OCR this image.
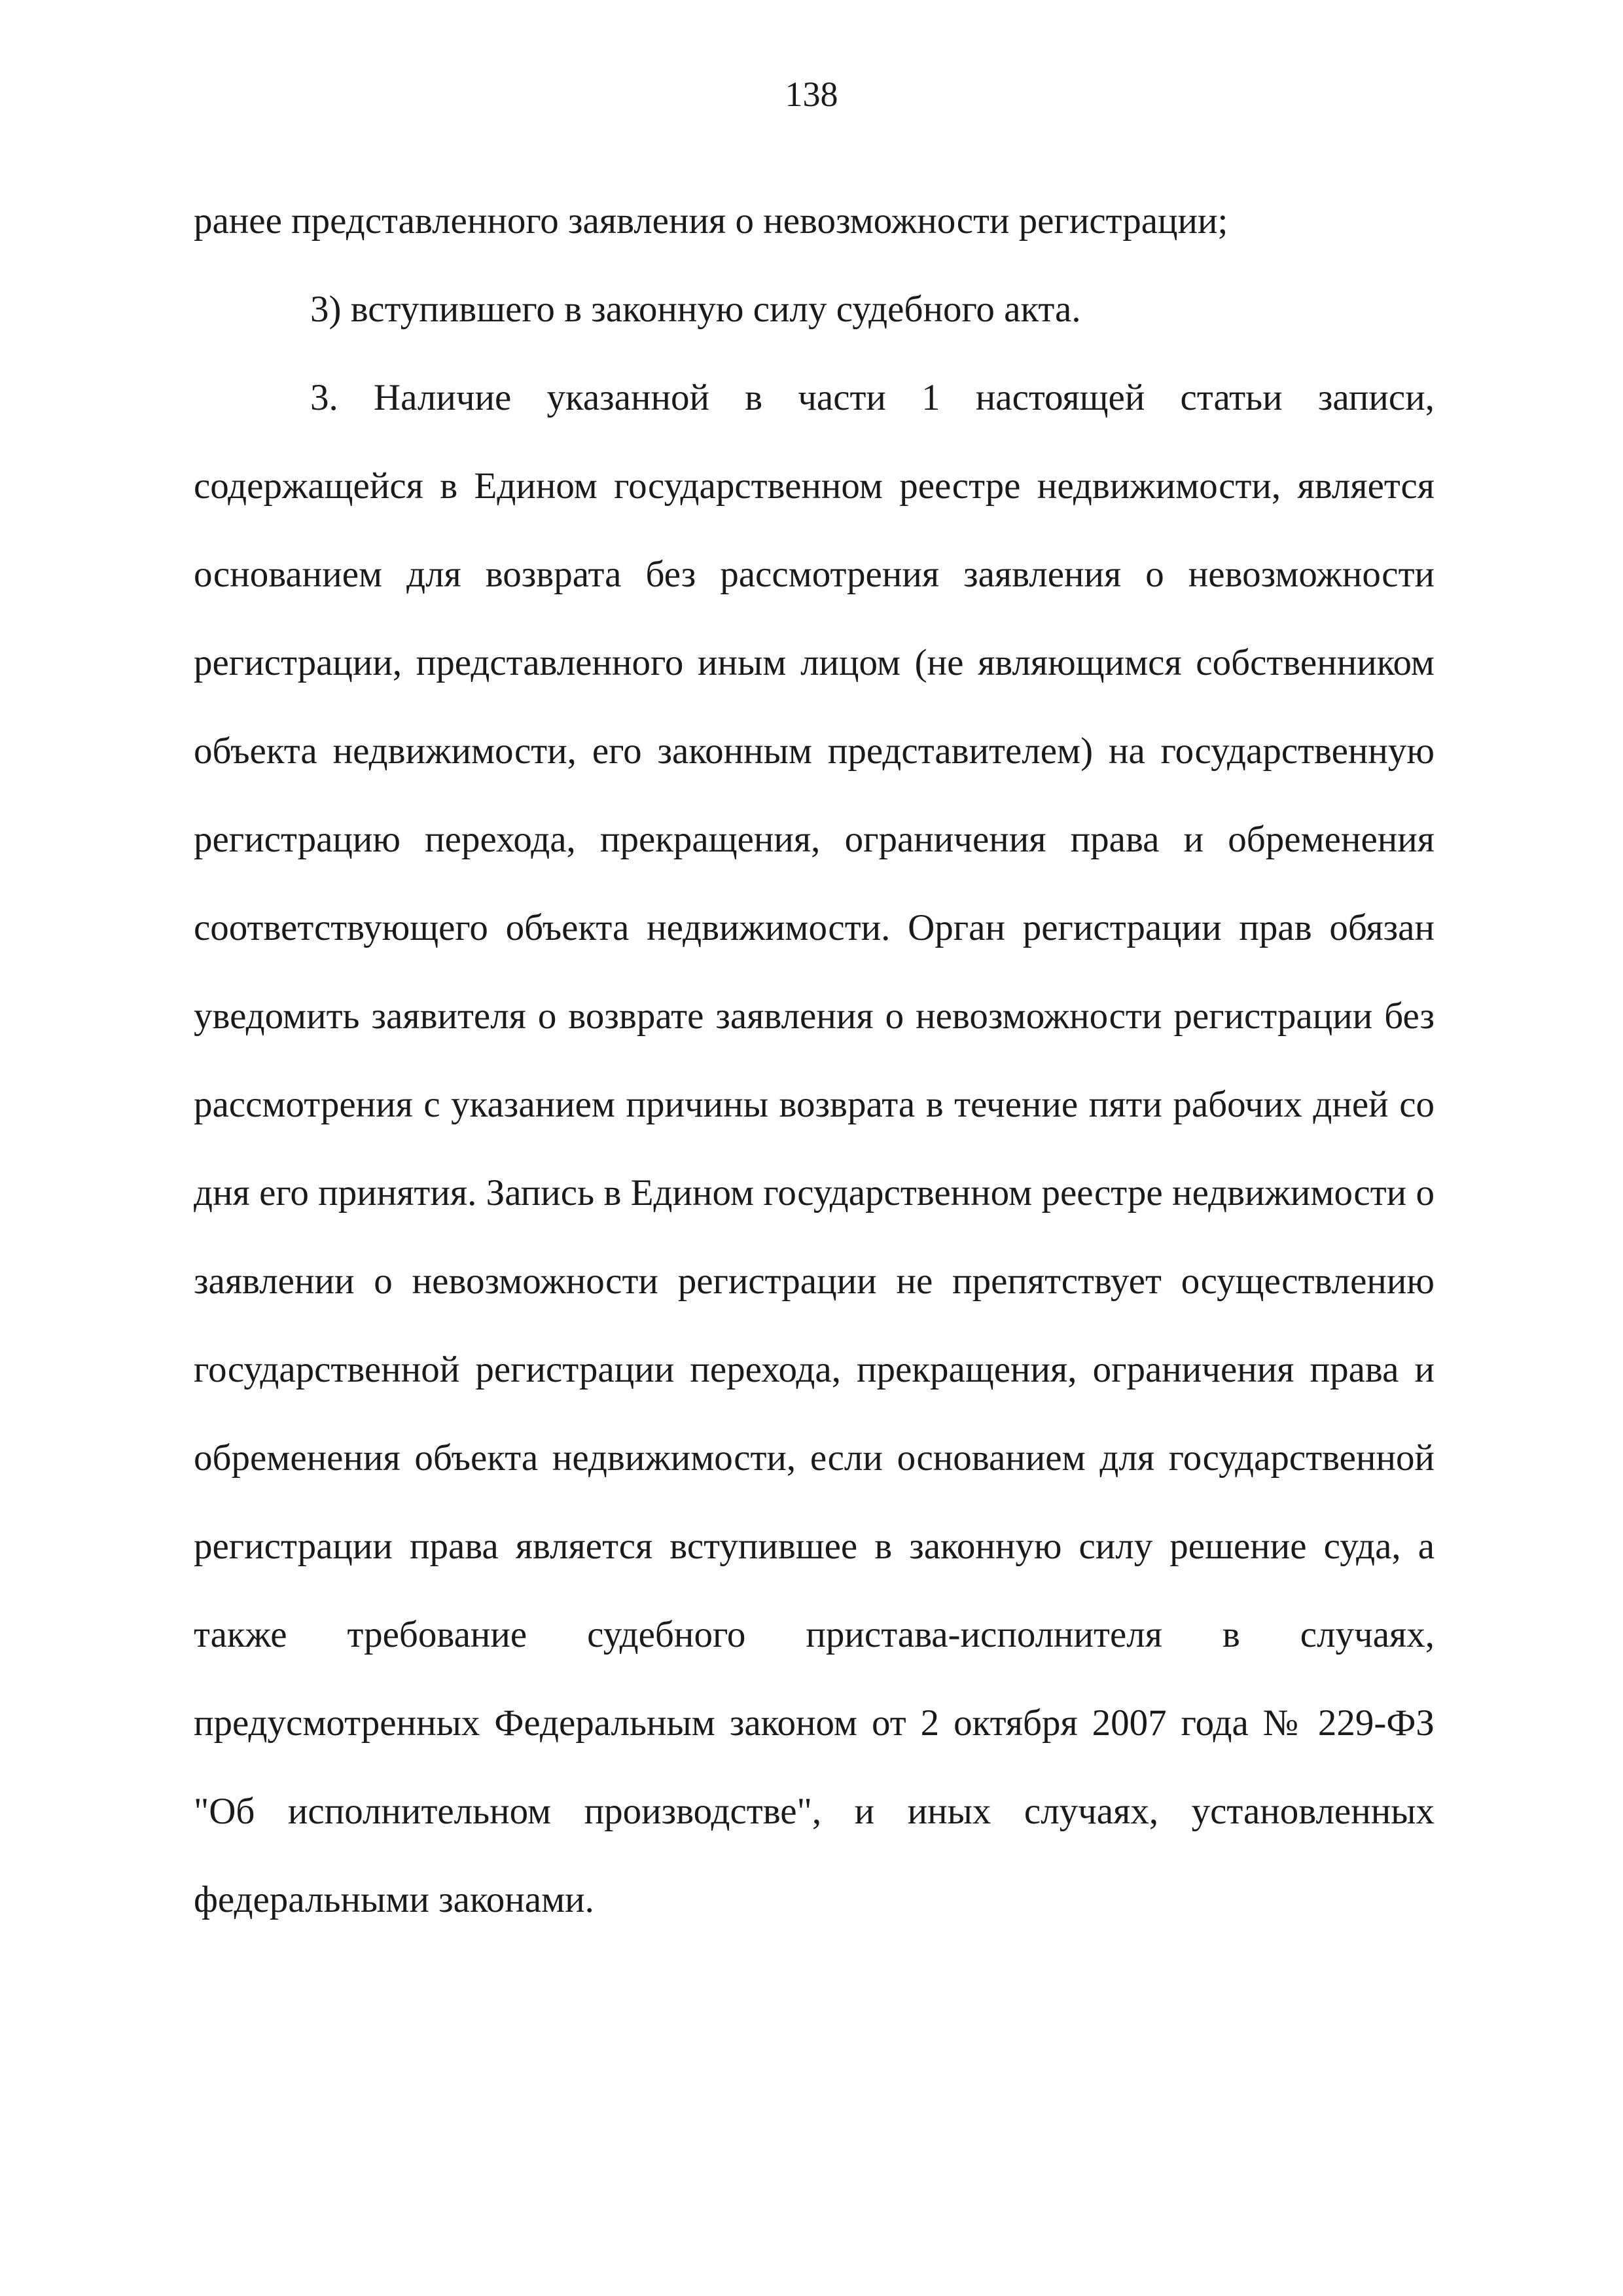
138

ранее представленного заявления о невозможности регистрации;

3) вступившего в законную силу судебного акта.

3. Наличие указанной в части 1 настоящей статьи записи, содержащейся в Едином государственном реестре недвижимости, является основанием для возврата без рассмотрения заявления о невозможности регистрации, представленного иным лицом (не являющимся собственником объекта недвижимости, его законным представителем) на государственную регистрацию перехода, прекращения, ограничения права и обременения соответствующего объекта недвижимости. Орган регистрации прав обязан уведомить заявителя о возврате заявления о невозможности регистрации без рассмотрения с указанием причины возврата в течение пяти рабочих дней со дня его принятия. Запись в Едином государственном реестре недвижимости о заявлении о невозможности регистрации не препятствует осуществлению государственной регистрации перехода, прекращения, ограничения права и обременения объекта недвижимости, если основанием для государственной регистрации права является вступившее в законную силу решение суда, а также требование судебного пристава-исполнителя в случаях, предусмотренных Федеральным законом от 2 октября 2007 года № 229-ФЗ "Об исполнительном производстве", и иных случаях, установленных федеральными законами.
